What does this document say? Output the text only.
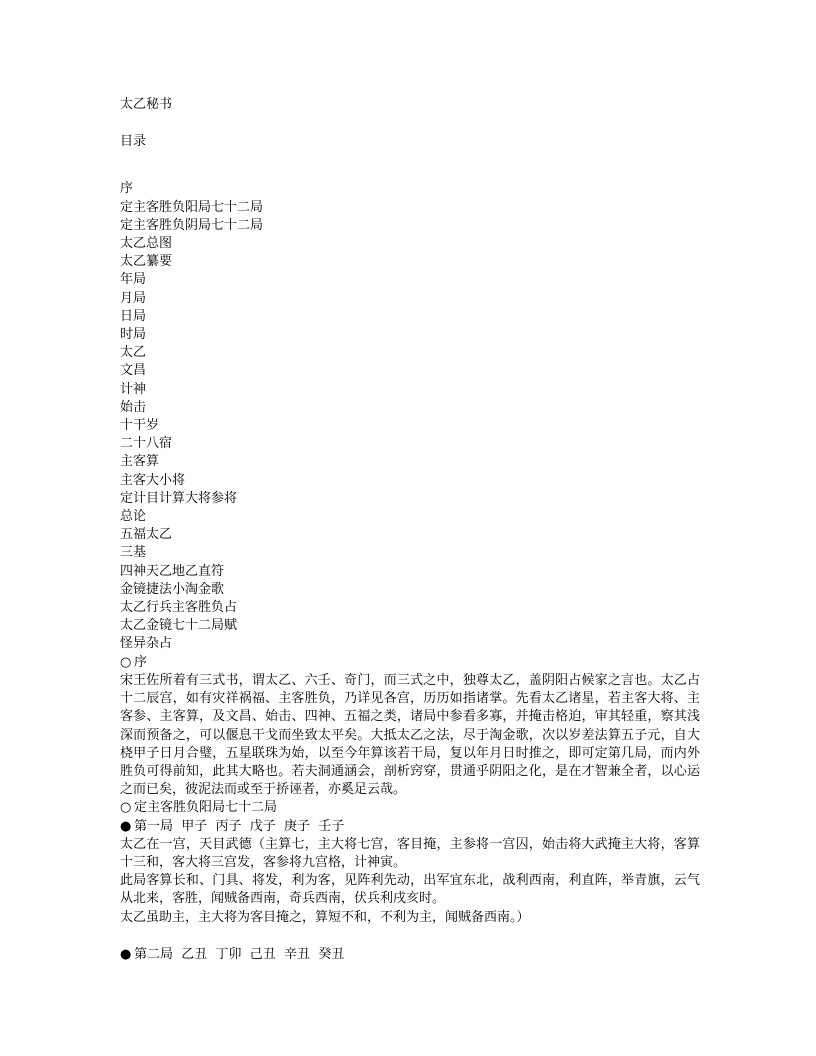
太乙秘书
目录
序
定主客胜负阳局七十二局
定主客胜负阴局七十二局
太乙总图
太乙纂要
年局
月局
日局
时局
太乙
文昌
计神
始击
十干岁
二十八宿
主客算
主客大小将
定计目计算大将参将
总论
五福太乙
三基
四神天乙地乙直符
金镜捷法小淘金歌
太乙行兵主客胜负占
太乙金镜七十二局赋
怪异杂占
○序
宋王佐所着有三式书，谓太乙、六壬、奇门，而三式之中，独尊太乙，盖阴阳占候家之言也。太乙占十二辰宫，如有灾祥祸福、主客胜负，乃详见各宫，历历如指诸掌。先看太乙诸星，若主客大将、主客参、主客算，及文昌、始击、四神、五福之类，诸局中参看多寡，并掩击格迫，审其轻重，察其浅深而预备之，可以偃息干戈而坐致太平矣。大抵太乙之法，尽于淘金歌，次以岁差法算五子元，自大桡甲子日月合璧，五星联珠为始，以至今年算该若干局，复以年月日时推之，即可定第几局，而内外胜负可得前知，此其大略也。若夫洞通涵会，剖析窍穿，贯通乎阴阳之化，是在才智兼全者，以心运之而已矣，彼泥法而或至于挢诬者，亦奚足云哉。
○定主客胜负阳局七十二局
●第一局  甲子  丙子  戊子  庚子  壬子
太乙在一宫，天目武德（主算七，主大将七宫，客目掩，主参将一宫囚，始击将大武掩主大将，客算十三和，客大将三宫发，客参将九宫格，计神寅。
此局客算长和、门具、将发，利为客，见阵利先动，出军宜东北，战利西南，利直阵，举青旗，云气从北来，客胜，闻贼备西南，奇兵西南，伏兵利戌亥时。
太乙虽助主，主大将为客目掩之，算短不和，不利为主，闻贼备西南。）
●第二局  乙丑  丁卯  己丑  辛丑  癸丑
